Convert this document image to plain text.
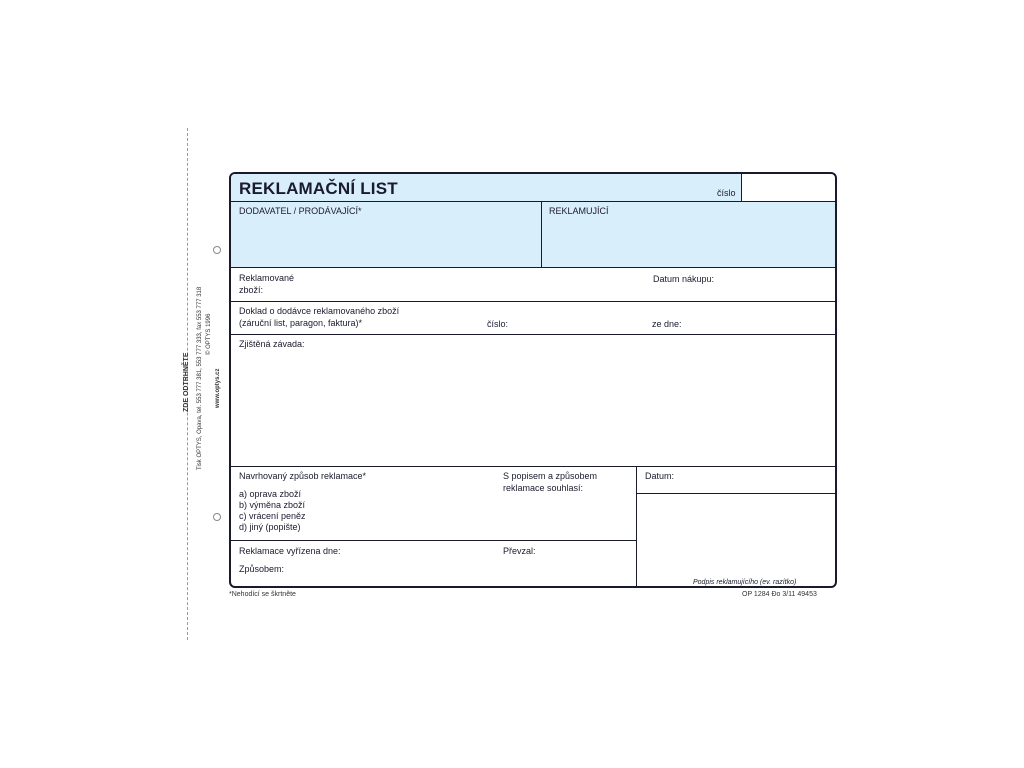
ZDE ODTRHNĚTE Tisk OPTYS, Opava, tel. 553 777 381, 553 777 333, fax 553 777 318 © OPTYS 1996
www.optys.cz
REKLAMAČNÍ LIST	číslo
DODAVATEL / PRODÁVAJÍCÍ*	REKLAMUJÍCÍ
Reklamované
zboží:
Datum nákupu:
Doklad o dodávce reklamovaného zboží
(záruční list, paragon, faktura)*	číslo:	ze dne:
Zjištěná závada:
Navrhovaný způsob reklamace*
a) oprava zboží
b) výměna zboží
c) vrácení peněz
d) jiný (popište)
S popisem a způsobem
reklamace souhlasí:
Datum:
Podpis reklamujícího (ev. razítko)
Reklamace vyřízena dne:	Převzal:
Způsobem:
*Nehodící se škrtněte	OP 1284 Đo 3/11 49453
